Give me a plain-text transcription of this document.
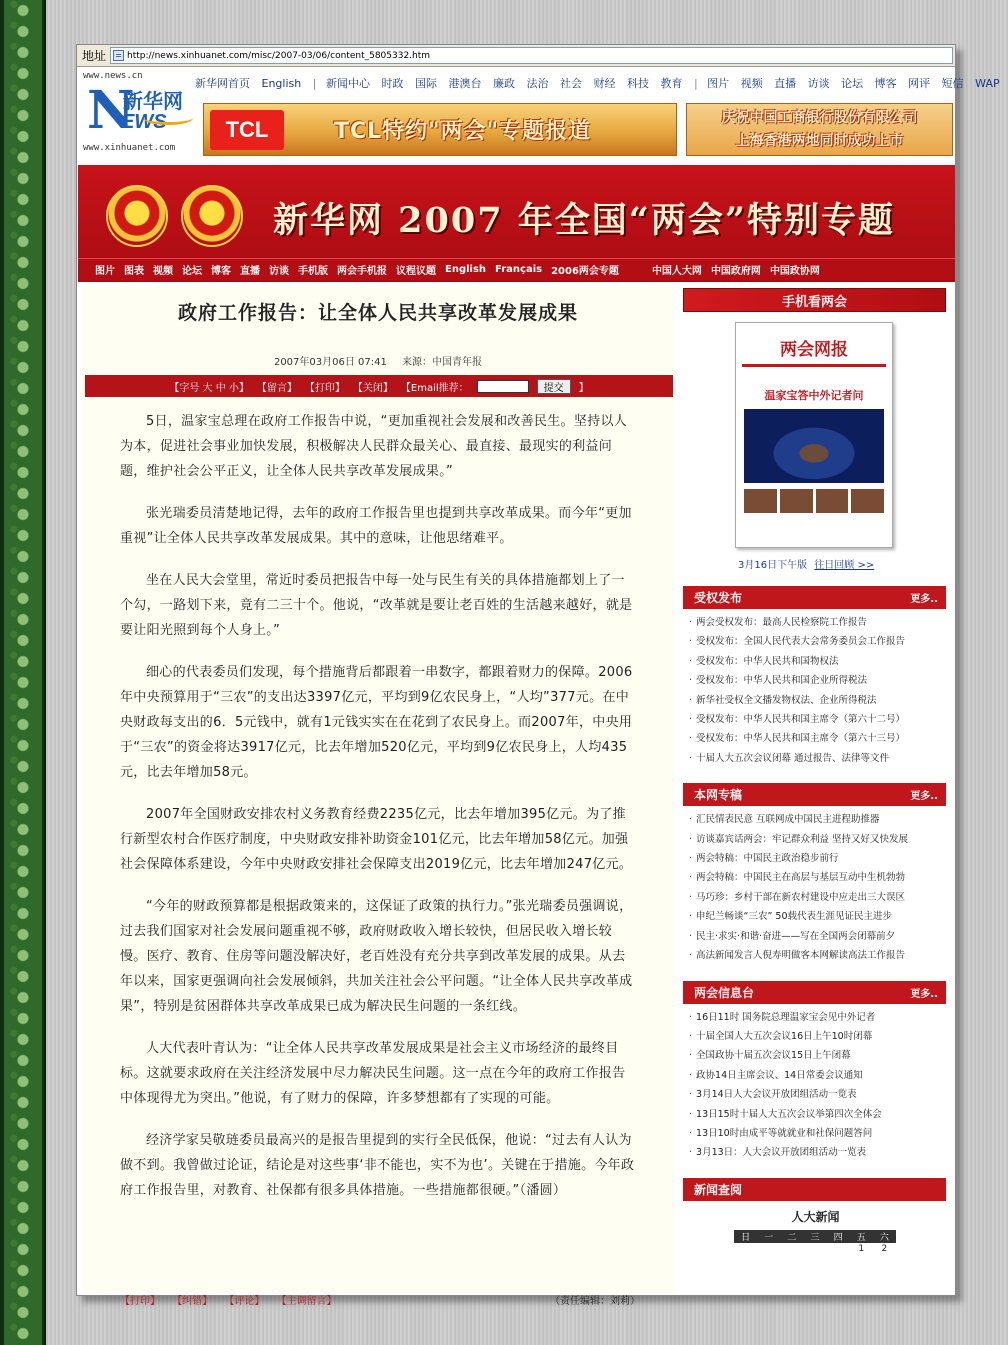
地址 http://news.xinhuanet.com/misc/2007-03/06/content_5805332.htm
www.news.cn
N
新华网
EWS
www.xinhuanet.com
新华网首页 English | 新闻中心 时政 国际 港澳台 廉政 法治 社会 财经 科技 教育 | 图片 视频 直播 访谈 论坛 博客 网评 短信 WAP
TCL	TCL特约"两会"专题报道
庆祝中国工商银行股份有限公司
上海香港两地同时成功上市
新华网 2007 年全国“两会”特别专题
图片 图表 视频 论坛 博客 直播 访谈 手机版 两会手机报 议程议题 English Français 2006两会专题	中国人大网 中国政府网 中国政协网
政府工作报告：让全体人民共享改革发展成果
2007年03月06日 07:41 来源：中国青年报
【字号 大 中 小】 【留言】 【打印】 【关闭】 【Email推荐：	提交	】

5日，温家宝总理在政府工作报告中说，“更加重视社会发展和改善民生。坚持以人为本，促进社会事业加快发展，积极解决人民群众最关心、最直接、最现实的利益问题，维护社会公平正义，让全体人民共享改革发展成果。”

张光瑞委员清楚地记得，去年的政府工作报告里也提到共享改革成果。而今年“更加重视”让全体人民共享改革发展成果。其中的意味，让他思绪难平。

坐在人民大会堂里，常近时委员把报告中每一处与民生有关的具体措施都划上了一个勾，一路划下来，竟有二三十个。他说，“改革就是要让老百姓的生活越来越好，就是要让阳光照到每个人身上。”

细心的代表委员们发现，每个措施背后都跟着一串数字，都跟着财力的保障。2006年中央预算用于“三农”的支出达3397亿元，平均到9亿农民身上，“人均”377元。在中央财政每支出的6．5元钱中，就有1元钱实实在在花到了农民身上。而2007年，中央用于“三农”的资金将达3917亿元，比去年增加520亿元，平均到9亿农民身上，人均435元，比去年增加58元。

2007年全国财政安排农村义务教育经费2235亿元，比去年增加395亿元。为了推行新型农村合作医疗制度，中央财政安排补助资金101亿元，比去年增加58亿元。加强社会保障体系建设，今年中央财政安排社会保障支出2019亿元，比去年增加247亿元。

“今年的财政预算都是根据政策来的，这保证了政策的执行力。”张光瑞委员强调说，过去我们国家对社会发展问题重视不够，政府财政收入增长较快，但居民收入增长较慢。医疗、教育、住房等问题没解决好，老百姓没有充分共享到改革发展的成果。从去年以来，国家更强调向社会发展倾斜，共加关注社会公平问题。“让全体人民共享改革成果”，特别是贫困群体共享改革成果已成为解决民生问题的一条红线。

人大代表叶青认为：“让全体人民共享改革发展成果是社会主义市场经济的最终目标。这就要求政府在关注经济发展中尽力解决民生问题。这一点在今年的政府工作报告中体现得尤为突出。”他说，有了财力的保障，许多梦想都有了实现的可能。

经济学家吴敬琏委员最高兴的是报告里提到的实行全民低保，他说：“过去有人认为做不到。我曾做过论证，结论是对这些事‘非不能也，实不为也’。关键在于措施。今年政府工作报告里，对教育、社保都有很多具体措施。一些措施都很硬。”（潘圆）

【打印】 【纠错】 【评论】 【主调留言】	（责任编辑：刘莉）
手机看两会
两会网报
温家宝答中外记者问
3月16日下午版 往日回顾 >>
受权发布	更多..
· 两会受权发布：最高人民检察院工作报告
· 受权发布：全国人民代表大会常务委员会工作报告
· 受权发布：中华人民共和国物权法
· 受权发布：中华人民共和国企业所得税法
· 新华社受权全文播发物权法、企业所得税法
· 受权发布：中华人民共和国主席令（第六十二号）
· 受权发布：中华人民共和国主席令（第六十三号）
· 十届人大五次会议闭幕 通过报告、法律等文件
本网专稿	更多..
· 汇民情表民意 互联网成中国民主进程助推器
· 访谈嘉宾话两会：牢记群众利益 坚持又好又快发展
· 两会特稿：中国民主政治稳步前行
· 两会特稿：中国民主在高层与基层互动中生机勃勃
· 马巧珍：乡村干部在新农村建设中应走出三大误区
· 申纪兰畅谈“三农” 50载代表生涯见证民主进步
· 民主·求实·和谐·奋进——写在全国两会闭幕前夕
· 高法新闻发言人倪寿明做客本网解读高法工作报告
两会信息台	更多..
· 16日11时 国务院总理温家宝会见中外记者
· 十届全国人大五次会议16日上午10时闭幕
· 全国政协十届五次会议15日上午闭幕
· 政协14日主席会议、14日常委会议通知
· 3月14日人大会议开放团组活动一览表
· 13日15时十届人大五次会议举第四次全体会
· 13日10时由成平等就就业和社保问题答问
· 3月13日：人大会议开放团组活动一览表
新闻查阅
人大新闻
日	一	二	三	四	五	六
					1	2
